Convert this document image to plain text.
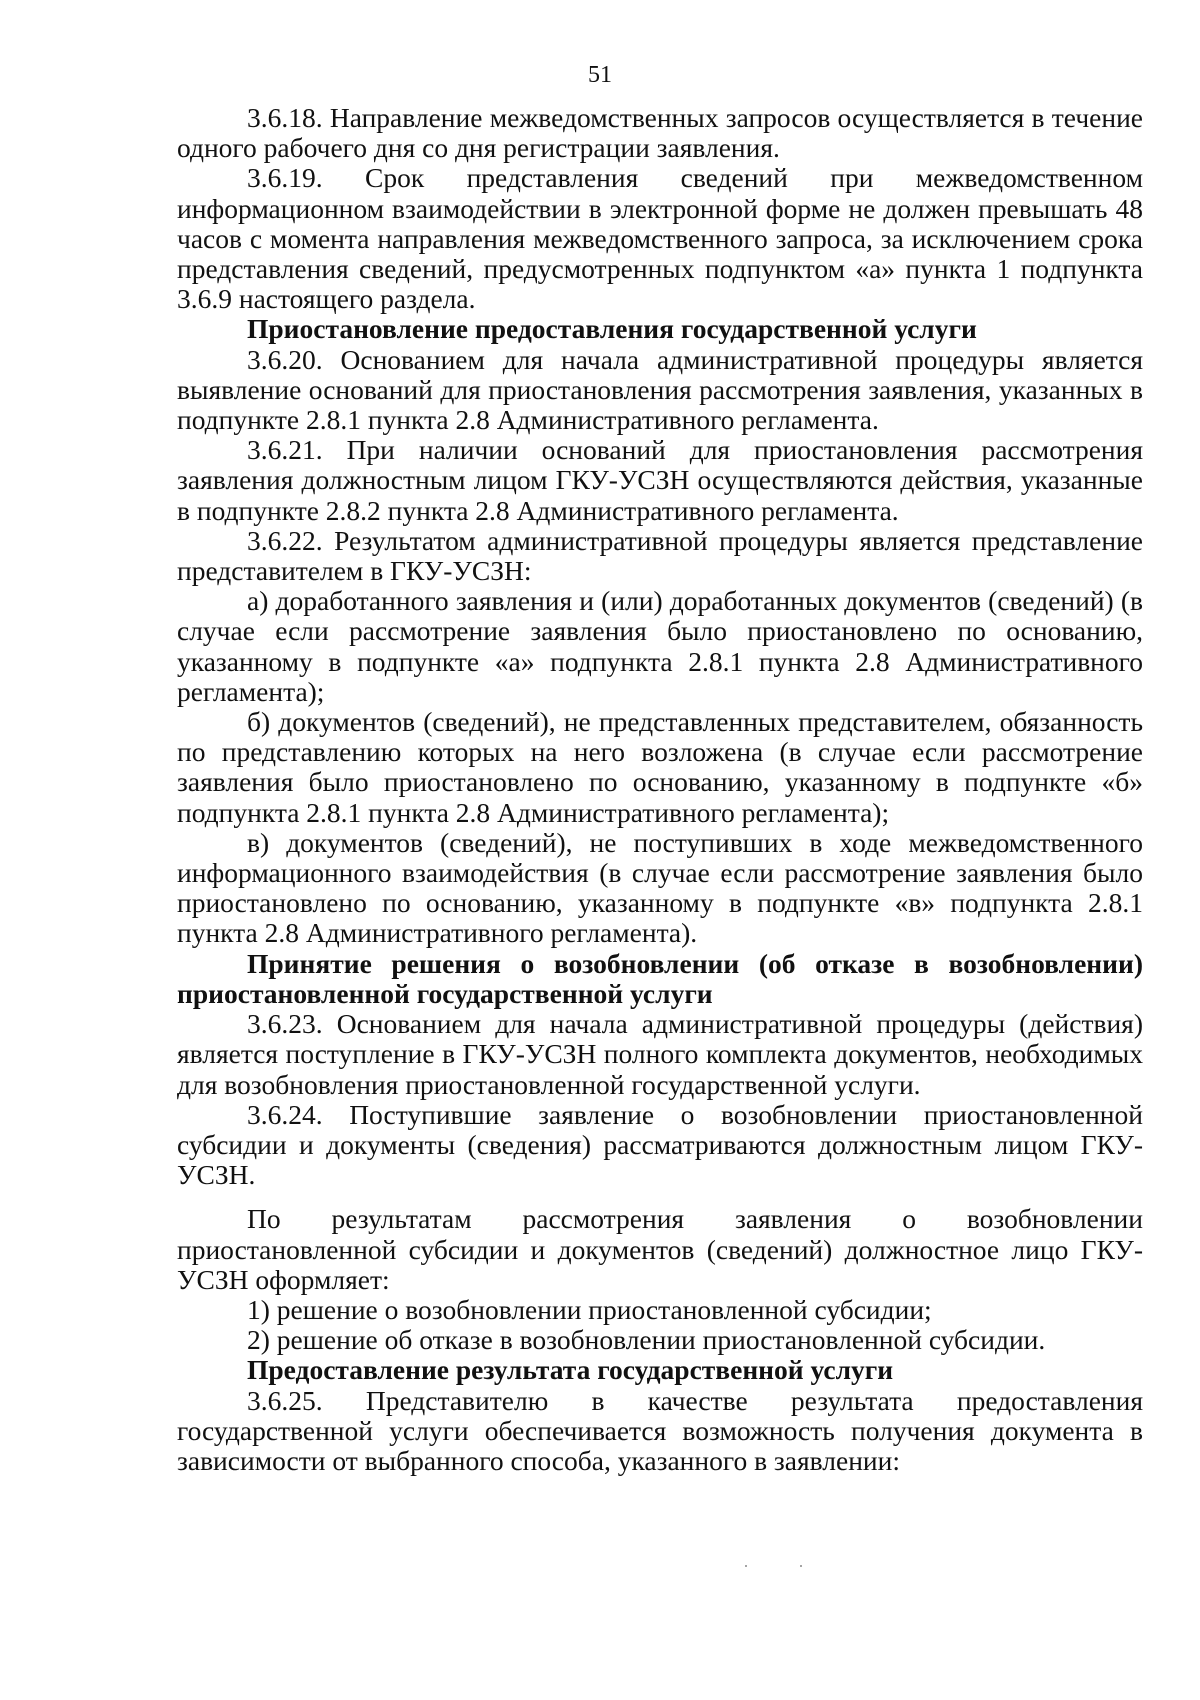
51

3.6.18. Направление межведомственных запросов осуществляется в течение одного рабочего дня со дня регистрации заявления.

3.6.19. Срок представления сведений при межведомственном информационном взаимодействии в электронной форме не должен превышать 48 часов с момента направления межведомственного запроса, за исключением срока представления сведений, предусмотренных подпунктом «а» пункта 1 подпункта 3.6.9 настоящего раздела.

Приостановление предоставления государственной услуги

3.6.20. Основанием для начала административной процедуры является выявление оснований для приостановления рассмотрения заявления, указанных в подпункте 2.8.1 пункта 2.8 Административного регламента.

3.6.21. При наличии оснований для приостановления рассмотрения заявления должностным лицом ГКУ-УСЗН осуществляются действия, указанные в подпункте 2.8.2 пункта 2.8 Административного регламента.

3.6.22. Результатом административной процедуры является представление представителем в ГКУ-УСЗН:

а) доработанного заявления и (или) доработанных документов (сведений) (в случае если рассмотрение заявления было приостановлено по основанию, указанному в подпункте «а» подпункта 2.8.1 пункта 2.8 Административного регламента);

б) документов (сведений), не представленных представителем, обязанность по представлению которых на него возложена (в случае если рассмотрение заявления было приостановлено по основанию, указанному в подпункте «б» подпункта 2.8.1 пункта 2.8 Административного регламента);

в) документов (сведений), не поступивших в ходе межведомственного информационного взаимодействия (в случае если рассмотрение заявления было приостановлено по основанию, указанному в подпункте «в» подпункта 2.8.1 пункта 2.8 Административного регламента).

Принятие решения о возобновлении (об отказе в возобновлении) приостановленной государственной услуги

3.6.23. Основанием для начала административной процедуры (действия) является поступление в ГКУ-УСЗН полного комплекта документов, необходимых для возобновления приостановленной государственной услуги.

3.6.24. Поступившие заявление о возобновлении приостановленной субсидии и документы (сведения) рассматриваются должностным лицом ГКУ-УСЗН.

По результатам рассмотрения заявления о возобновлении приостановленной субсидии и документов (сведений) должностное лицо ГКУ-УСЗН оформляет:

1) решение о возобновлении приостановленной субсидии;

2) решение об отказе в возобновлении приостановленной субсидии.

Предоставление результата государственной услуги

3.6.25. Представителю в качестве результата предоставления государственной услуги обеспечивается возможность получения документа в зависимости от выбранного способа, указанного в заявлении:
